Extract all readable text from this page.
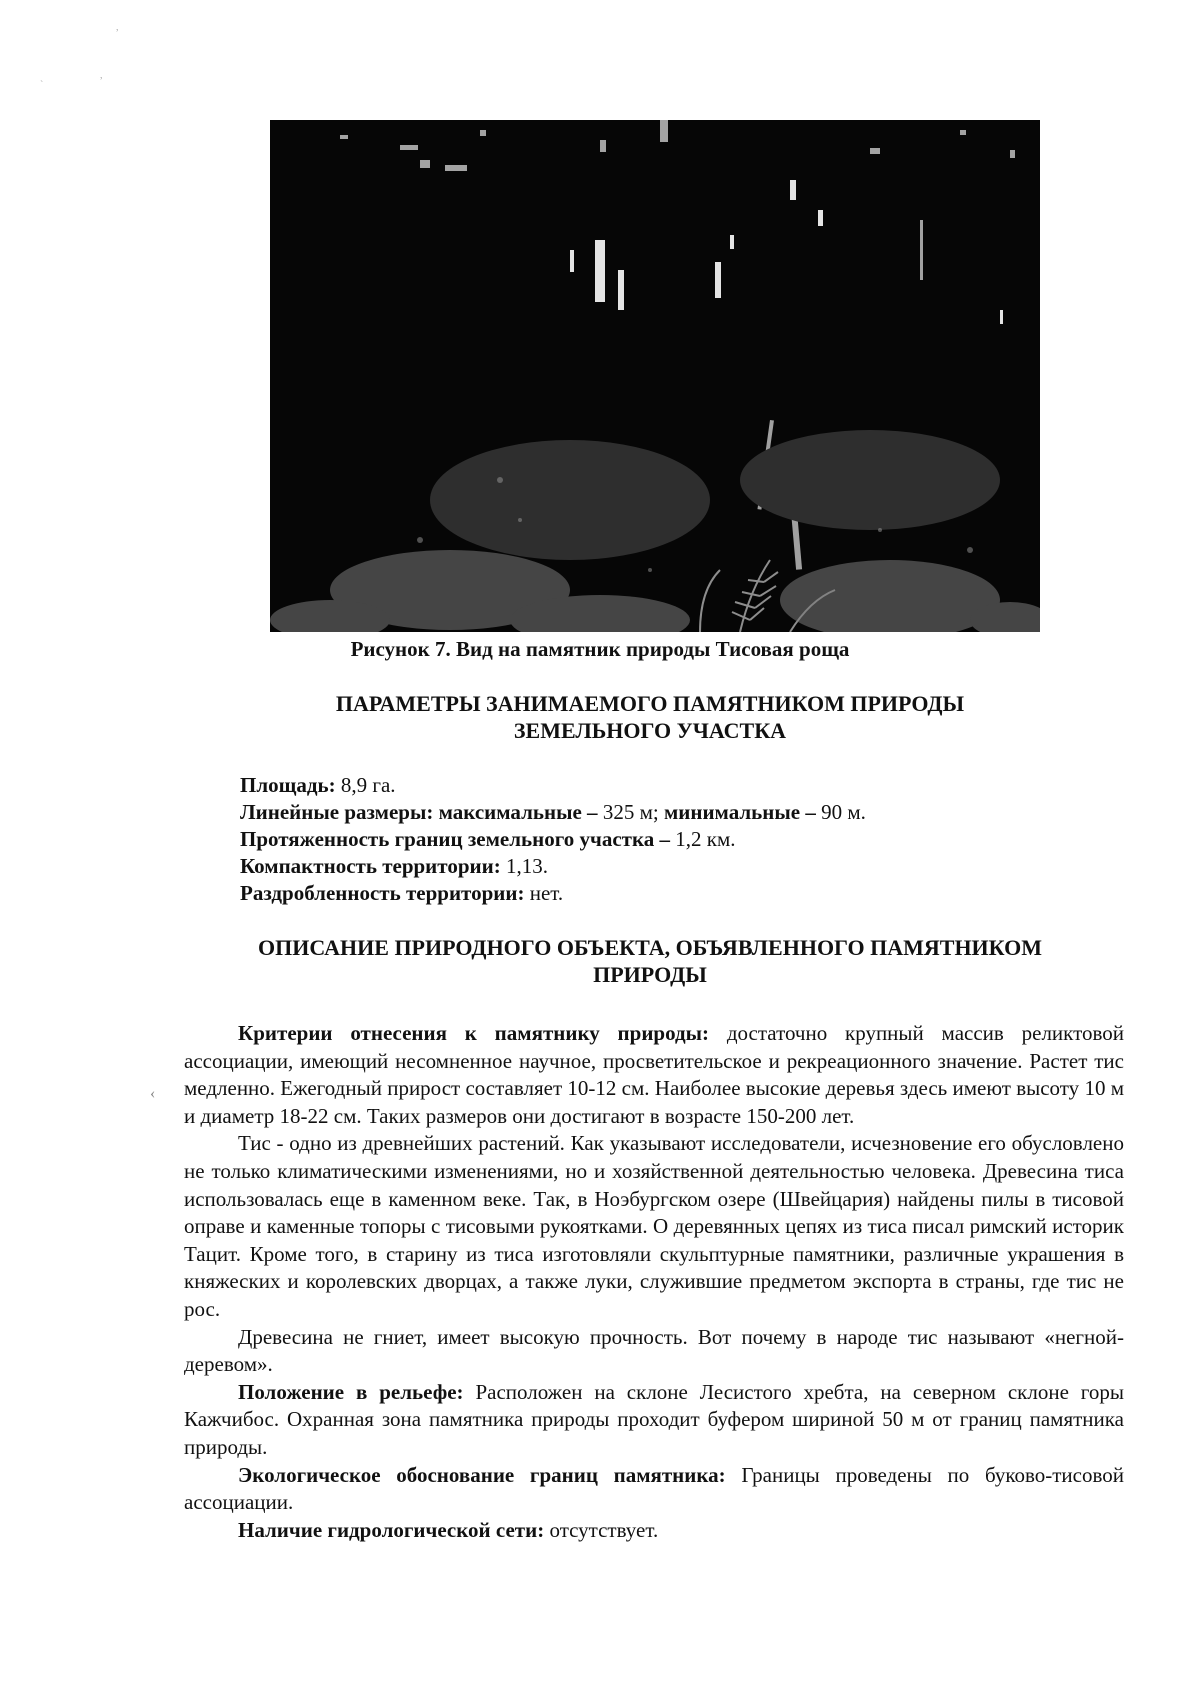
,
`
,
Рисунок 7. Вид на памятник природы Тисовая роща
ПАРАМЕТРЫ ЗАНИМАЕМОГО ПАМЯТНИКОМ ПРИРОДЫ
ЗЕМЕЛЬНОГО УЧАСТКА
Площадь: 8,9 га.
Линейные размеры: максимальные – 325 м; минимальные – 90 м.
Протяженность границ земельного участка – 1,2 км.
Компактность территории: 1,13.
Раздробленность территории: нет.
ОПИСАНИЕ ПРИРОДНОГО ОБЪЕКТА, ОБЪЯВЛЕННОГО ПАМЯТНИКОМ
ПРИРОДЫ
‹

Критерии отнесения к памятнику природы: достаточно крупный массив реликтовой ассоциации, имеющий несомненное научное, просветительское и рекреационного значение. Растет тис медленно. Ежегодный прирост составляет 10-12 см. Наиболее высокие деревья здесь имеют высоту 10 м и диаметр 18-22 см. Таких размеров они достигают в возрасте 150-200 лет.

Тис - одно из древнейших растений. Как указывают исследователи, исчезновение его обусловлено не только климатическими изменениями, но и хозяйственной деятельностью человека. Древесина тиса использовалась еще в каменном веке. Так, в Ноэбургском озере (Швейцария) найдены пилы в тисовой оправе и каменные топоры с тисовыми рукоятками. О деревянных цепях из тиса писал римский историк Тацит. Кроме того, в старину из тиса изготовляли скульптурные памятники, различные украшения в княжеских и королевских дворцах, а также луки, служившие предметом экспорта в страны, где тис не рос.

Древесина не гниет, имеет высокую прочность. Вот почему в народе тис называют «негной-деревом».

Положение в рельефе: Расположен на склоне Лесистого хребта, на северном склоне горы Кажчибос. Охранная зона памятника природы проходит буфером шириной 50 м от границ памятника природы.

Экологическое обоснование границ памятника: Границы проведены по буково-тисовой ассоциации.

Наличие гидрологической сети: отсутствует.
